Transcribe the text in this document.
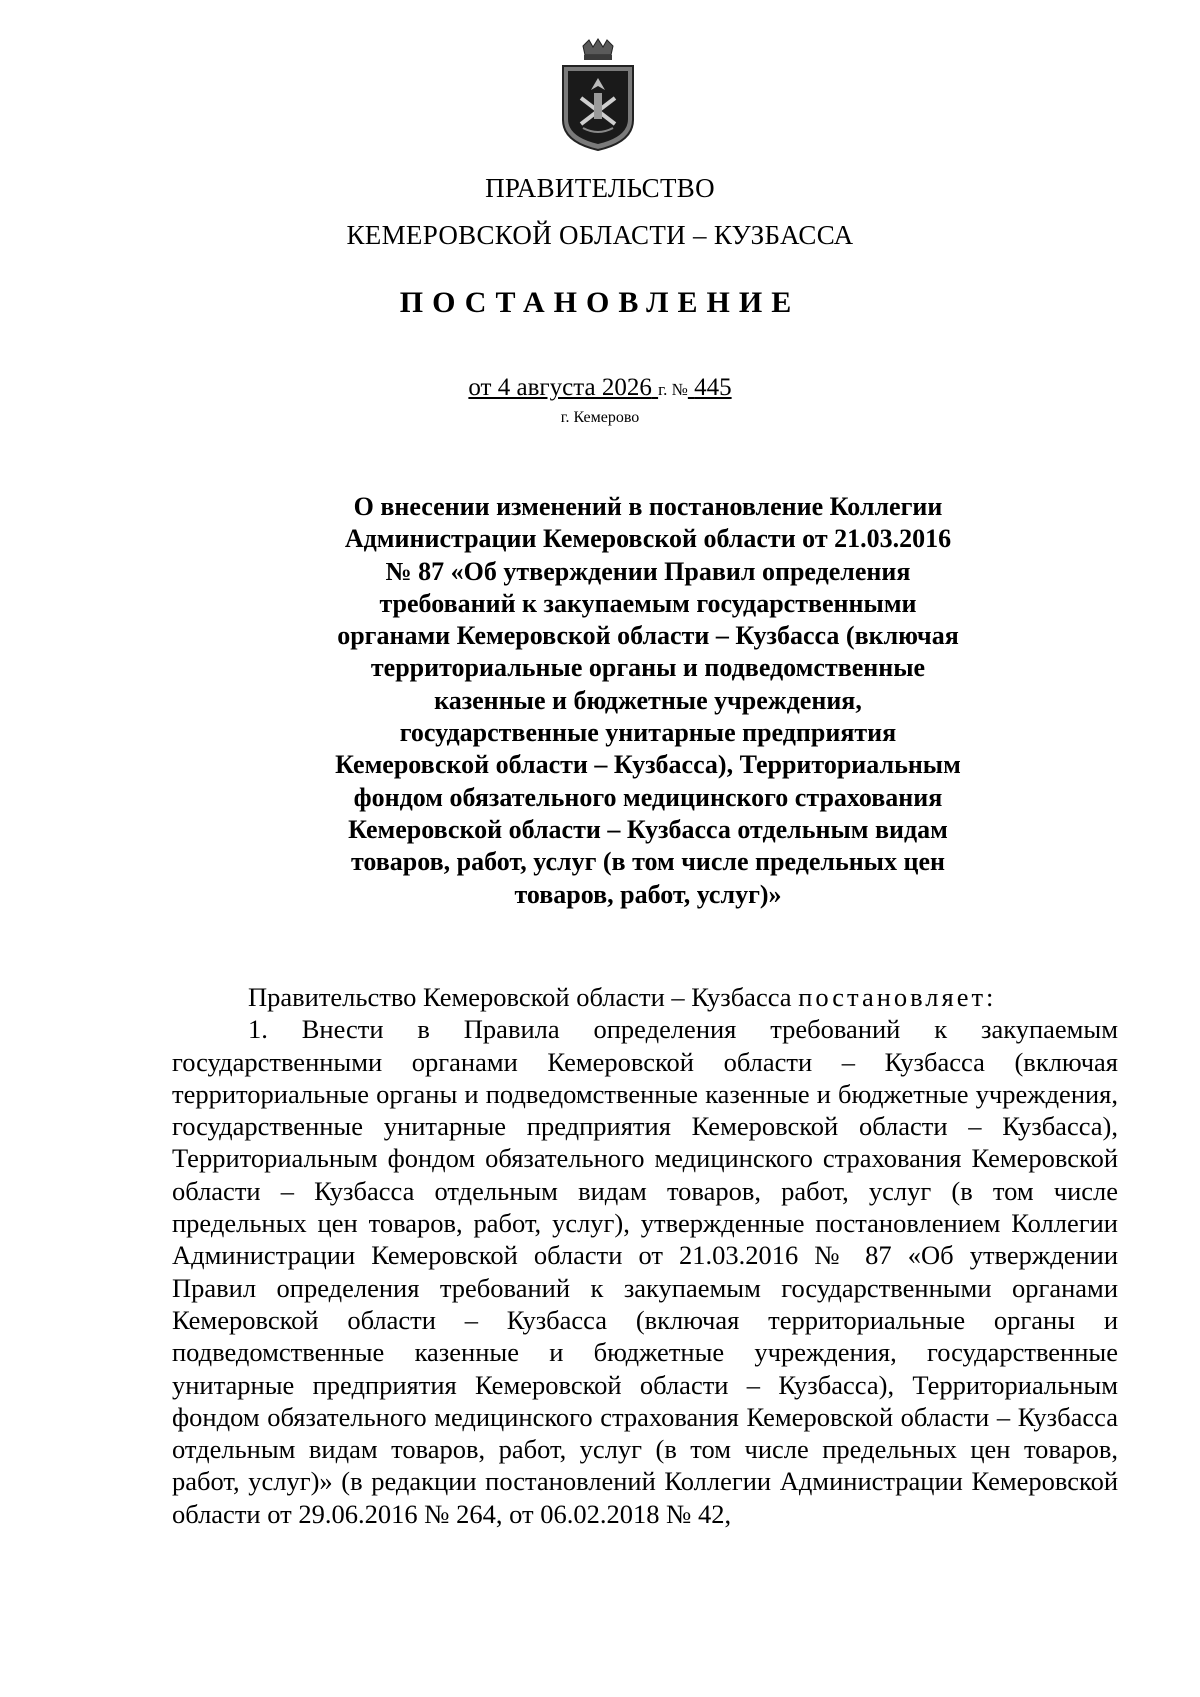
ПРАВИТЕЛЬСТВО
КЕМЕРОВСКОЙ ОБЛАСТИ – КУЗБАССА
ПОСТАНОВЛЕНИЕ
от 4 августа 2026 г. № 445
г. Кемерово
О внесении изменений в постановление Коллегии
Администрации Кемеровской области от 21.03.2016
№ 87 «Об утверждении Правил определения
требований к закупаемым государственными
органами Кемеровской области – Кузбасса (включая
территориальные органы и подведомственные
казенные и бюджетные учреждения,
государственные унитарные предприятия
Кемеровской области – Кузбасса), Территориальным
фондом обязательного медицинского страхования
Кемеровской области – Кузбасса отдельным видам
товаров, работ, услуг (в том числе предельных цен
товаров, работ, услуг)»

Правительство Кемеровской области – Кузбасса постановляет:

1. Внести в Правила определения требований к закупаемым государственными органами Кемеровской области – Кузбасса (включая территориальные органы и подведомственные казенные и бюджетные учреждения, государственные унитарные предприятия Кемеровской области – Кузбасса), Территориальным фондом обязательного медицинского страхования Кемеровской области – Кузбасса отдельным видам товаров, работ, услуг (в том числе предельных цен товаров, работ, услуг), утвержденные постановлением Коллегии Администрации Кемеровской области от 21.03.2016 № 87 «Об утверждении Правил определения требований к закупаемым государственными органами Кемеровской области – Кузбасса (включая территориальные органы и подведомственные казенные и бюджетные учреждения, государственные унитарные предприятия Кемеровской области – Кузбасса), Территориальным фондом обязательного медицинского страхования Кемеровской области – Кузбасса отдельным видам товаров, работ, услуг (в том числе предельных цен товаров, работ, услуг)» (в редакции постановлений Коллегии Администрации Кемеровской области от 29.06.2016 № 264, от 06.02.2018 № 42,
